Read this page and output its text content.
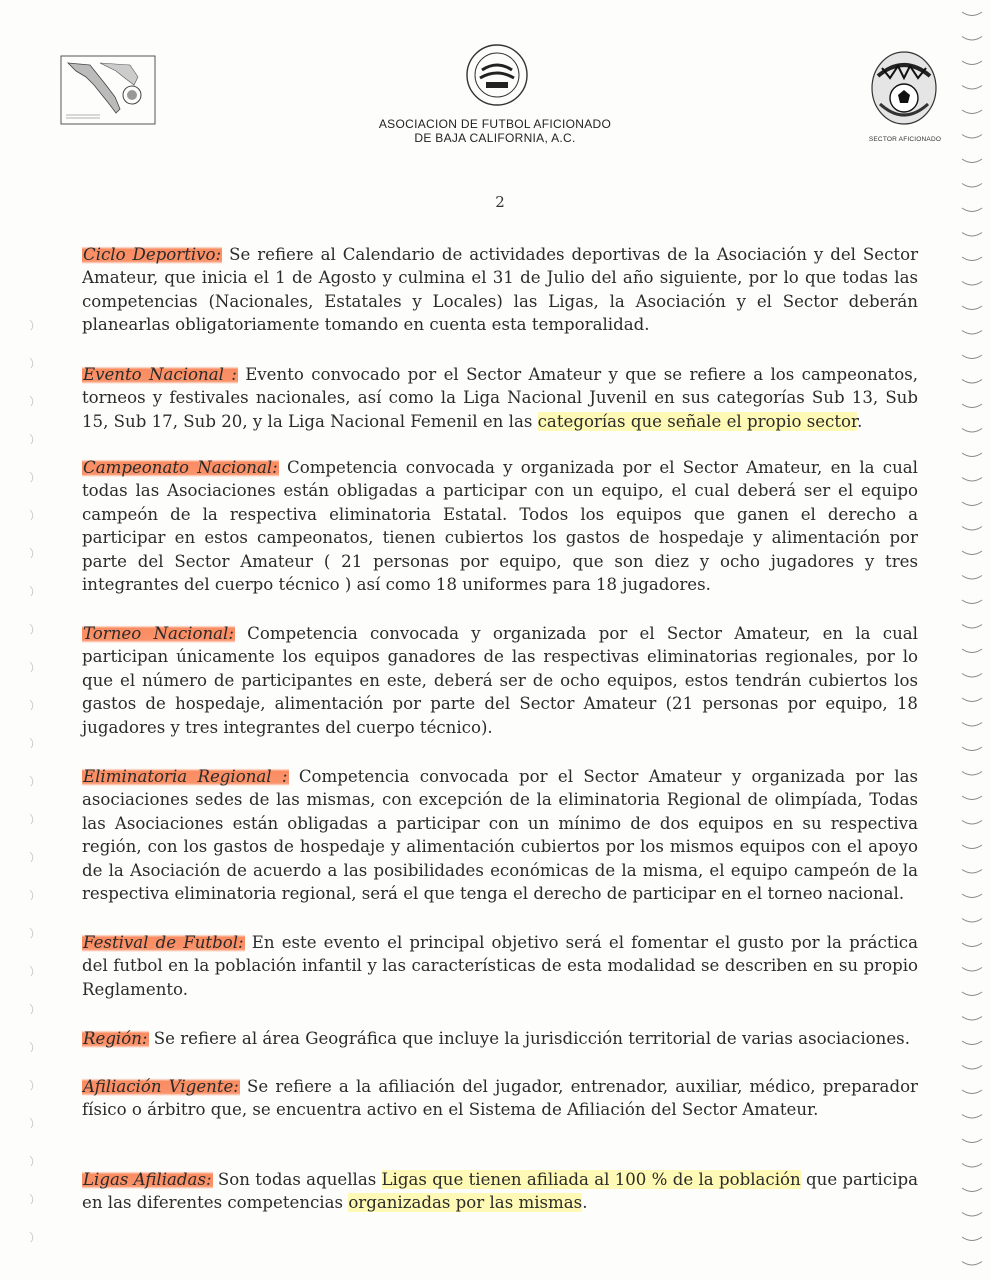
ASOCIACION DE FUTBOL AFICIONADO
DE BAJA CALIFORNIA, A.C.	SECTOR AFICIONADO
2
Ciclo Deportivo: Se refiere al Calendario de actividades deportivas de la Asociación y del Sector Amateur, que inicia el 1 de Agosto y culmina el 31 de Julio del año siguiente, por lo que todas las competencias (Nacionales, Estatales y Locales) las Ligas, la Asociación y el Sector deberán planearlas obligatoriamente tomando en cuenta esta temporalidad.
Evento Nacional : Evento convocado por el Sector Amateur y que se refiere a los campeonatos, torneos y festivales nacionales, así como la Liga Nacional Juvenil en sus categorías Sub 13, Sub 15, Sub 17, Sub 20, y la Liga Nacional Femenil en las categorías que señale el propio sector.
Campeonato Nacional: Competencia convocada y organizada por el Sector Amateur, en la cual todas las Asociaciones están obligadas a participar con un equipo, el cual deberá ser el equipo campeón de la respectiva eliminatoria Estatal. Todos los equipos que ganen el derecho a participar en estos campeonatos, tienen cubiertos los gastos de hospedaje y alimentación por parte del Sector Amateur ( 21 personas por equipo, que son diez y ocho jugadores y tres integrantes del cuerpo técnico ) así como 18 uniformes para 18 jugadores.
Torneo Nacional: Competencia convocada y organizada por el Sector Amateur, en la cual participan únicamente los equipos ganadores de las respectivas eliminatorias regionales, por lo que el número de participantes en este, deberá ser de ocho equipos, estos tendrán cubiertos los gastos de hospedaje, alimentación por parte del Sector Amateur (21 personas por equipo, 18 jugadores y tres integrantes del cuerpo técnico).
Eliminatoria Regional : Competencia convocada por el Sector Amateur y organizada por las asociaciones sedes de las mismas, con excepción de la eliminatoria Regional de olimpíada, Todas las Asociaciones están obligadas a participar con un mínimo de dos equipos en su respectiva región, con los gastos de hospedaje y alimentación cubiertos por los mismos equipos con el apoyo de la Asociación de acuerdo a las posibilidades económicas de la misma, el equipo campeón de la respectiva eliminatoria regional, será el que tenga el derecho de participar en el torneo nacional.
Festival de Futbol: En este evento el principal objetivo será el fomentar el gusto por la práctica del futbol en la población infantil y las características de esta modalidad se describen en su propio Reglamento.
Región: Se refiere al área Geográfica que incluye la jurisdicción territorial de varias asociaciones.
Afiliación Vigente: Se refiere a la afiliación del jugador, entrenador, auxiliar, médico, preparador físico o árbitro que, se encuentra activo en el Sistema de Afiliación del Sector Amateur.
Ligas Afiliadas: Son todas aquellas Ligas que tienen afiliada al 100 % de la población que participa en las diferentes competencias organizadas por las mismas.
